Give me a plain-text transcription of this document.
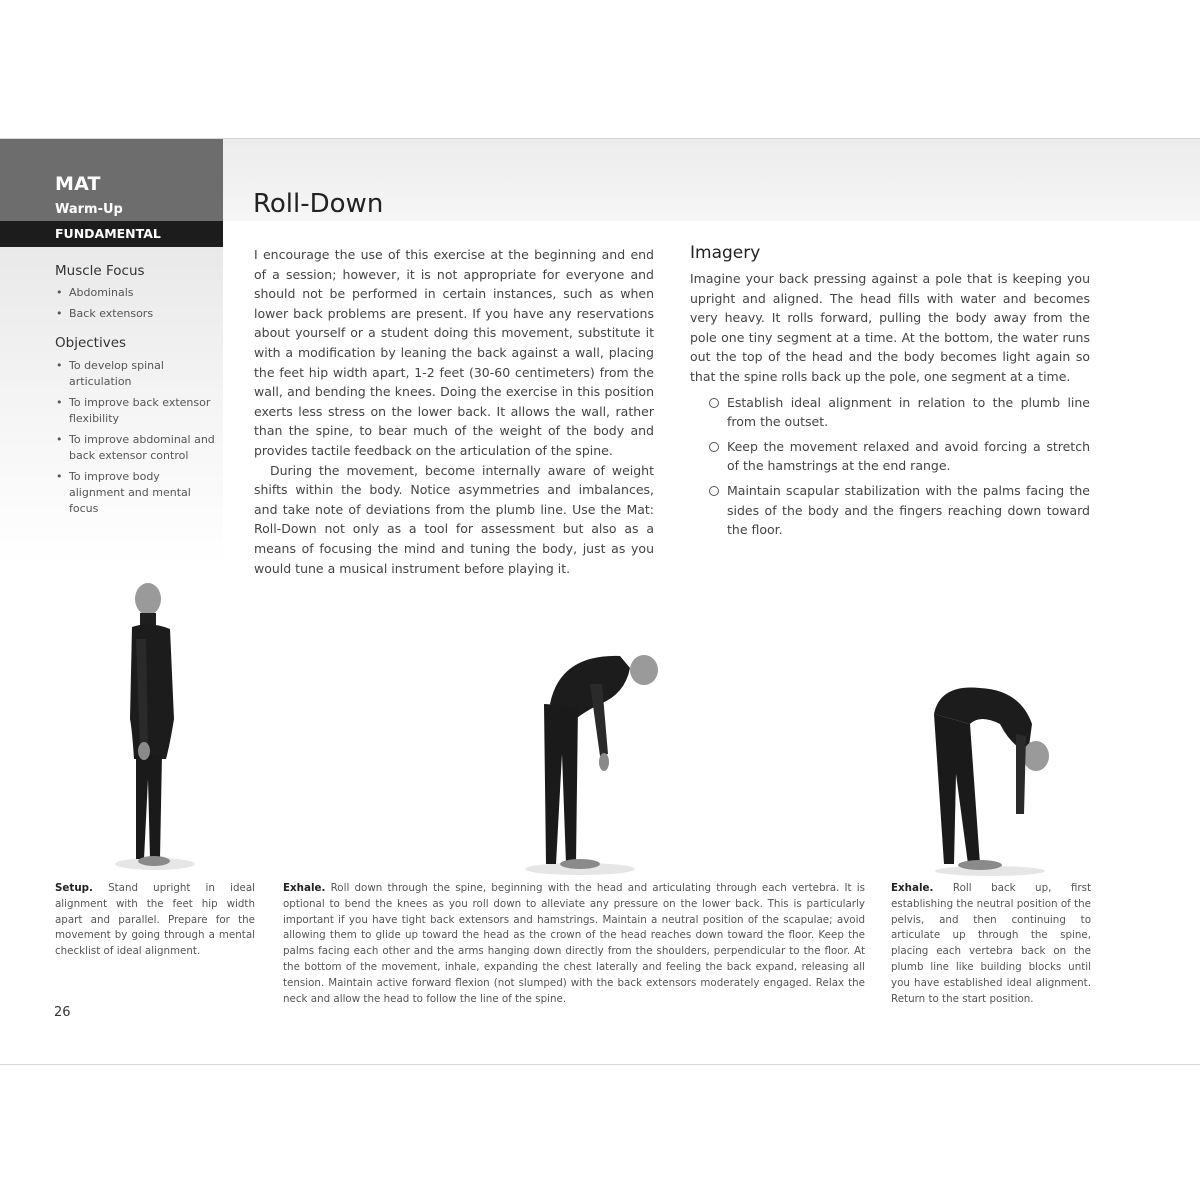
MAT
Warm-Up
FUNDAMENTAL
Muscle Focus
• Abdominals
• Back extensors
Objectives
• To develop spinal articulation
• To improve back extensor flexibility
• To improve abdominal and back extensor control
• To improve body alignment and mental focus
Roll-Down

I encourage the use of this exercise at the beginning and end of a session; however, it is not appropriate for everyone and should not be performed in certain instances, such as when lower back problems are present. If you have any reservations about yourself or a student doing this movement, substitute it with a modification by leaning the back against a wall, placing the feet hip width apart, 1-2 feet (30-60 centimeters) from the wall, and bending the knees. Doing the exercise in this position exerts less stress on the lower back. It allows the wall, rather than the spine, to bear much of the weight of the body and provides tactile feedback on the articulation of the spine.

During the movement, become internally aware of weight shifts within the body. Notice asymmetries and imbalances, and take note of deviations from the plumb line. Use the Mat: Roll-Down not only as a tool for assessment but also as a means of focusing the mind and tuning the body, just as you would tune a musical instrument before playing it.

Imagery

Imagine your back pressing against a pole that is keeping you upright and aligned. The head fills with water and becomes very heavy. It rolls forward, pulling the body away from the pole one tiny segment at a time. At the bottom, the water runs out the top of the head and the body becomes light again so that the spine rolls back up the pole, one segment at a time.

Establish ideal alignment in relation to the plumb line from the outset.
Keep the movement relaxed and avoid forcing a stretch of the hamstrings at the end range.
Maintain scapular stabilization with the palms facing the sides of the body and the fingers reaching down toward the floor.
Setup. Stand upright in ideal alignment with the feet hip width apart and parallel. Prepare for the movement by going through a mental checklist of ideal alignment.
Exhale. Roll down through the spine, beginning with the head and articulating through each vertebra. It is optional to bend the knees as you roll down to alleviate any pressure on the lower back. This is particularly important if you have tight back extensors and hamstrings. Maintain a neutral position of the scapulae; avoid allowing them to glide up toward the head as the crown of the head reaches down toward the floor. Keep the palms facing each other and the arms hanging down directly from the shoulders, perpendicular to the floor. At the bottom of the movement, inhale, expanding the chest laterally and feeling the back expand, releasing all tension. Maintain active forward flexion (not slumped) with the back extensors moderately engaged. Relax the neck and allow the head to follow the line of the spine.
Exhale. Roll back up, first establishing the neutral position of the pelvis, and then continuing to articulate up through the spine, placing each vertebra back on the plumb line like building blocks until you have established ideal alignment. Return to the start position.
26
